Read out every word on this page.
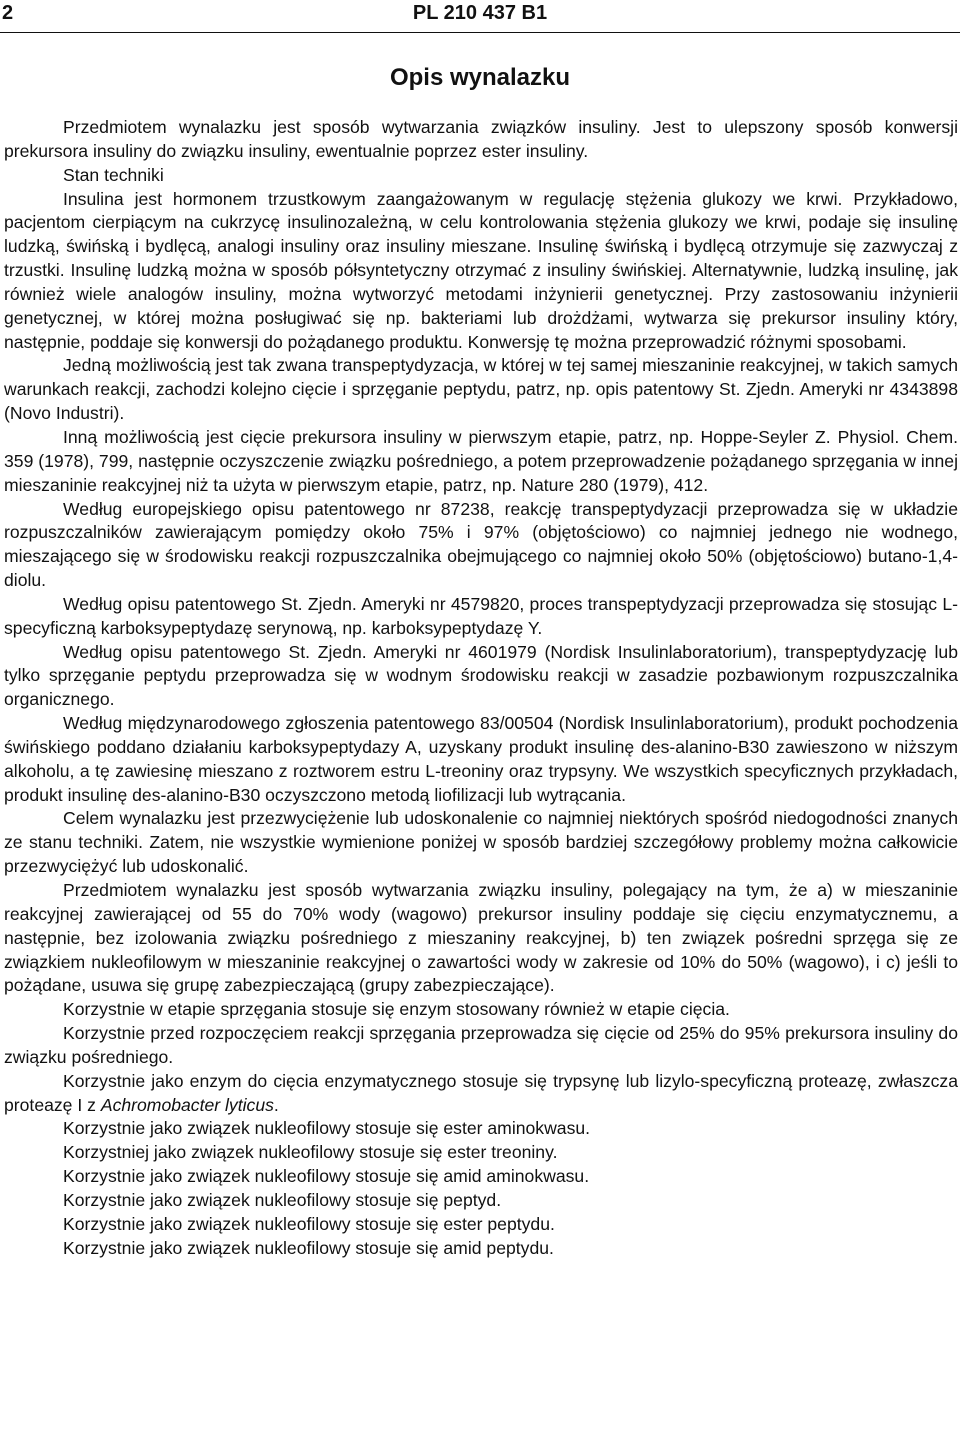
2	PL 210 437 B1
Opis wynalazku

Przedmiotem wynalazku jest sposób wytwarzania związków insuliny. Jest to ulepszony sposób konwersji prekursora insuliny do związku insuliny, ewentualnie poprzez ester insuliny.

Stan techniki

Insulina jest hormonem trzustkowym zaangażowanym w regulację stężenia glukozy we krwi. Przykładowo, pacjentom cierpiącym na cukrzycę insulinozależną, w celu kontrolowania stężenia glukozy we krwi, podaje się insulinę ludzką, świńską i bydlęcą, analogi insuliny oraz insuliny mieszane. Insulinę świńską i bydlęcą otrzymuje się zazwyczaj z trzustki. Insulinę ludzką można w sposób półsyntetyczny otrzymać z insuliny świńskiej. Alternatywnie, ludzką insulinę, jak również wiele analogów insuliny, można wytworzyć metodami inżynierii genetycznej. Przy zastosowaniu inżynierii genetycznej, w której można posługiwać się np. bakteriami lub drożdżami, wytwarza się prekursor insuliny który, następnie, poddaje się konwersji do pożądanego produktu. Konwersję tę można przeprowadzić różnymi sposobami.

Jedną możliwością jest tak zwana transpeptydyzacja, w której w tej samej mieszaninie reakcyjnej, w takich samych warunkach reakcji, zachodzi kolejno cięcie i sprzęganie peptydu, patrz, np. opis patentowy St. Zjedn. Ameryki nr 4343898 (Novo Industri).

Inną możliwością jest cięcie prekursora insuliny w pierwszym etapie, patrz, np. Hoppe-Seyler Z. Physiol. Chem. 359 (1978), 799, następnie oczyszczenie związku pośredniego, a potem przeprowadzenie pożądanego sprzęgania w innej mieszaninie reakcyjnej niż ta użyta w pierwszym etapie, patrz, np. Nature 280 (1979), 412.

Według europejskiego opisu patentowego nr 87238, reakcję transpeptydyzacji przeprowadza się w układzie rozpuszczalników zawierającym pomiędzy około 75% i 97% (objętościowo) co najmniej jednego nie wodnego, mieszającego się w środowisku reakcji rozpuszczalnika obejmującego co najmniej około 50% (objętościowo) butano-1,4-diolu.

Według opisu patentowego St. Zjedn. Ameryki nr 4579820, proces transpeptydyzacji przeprowadza się stosując L-specyficzną karboksypeptydazę serynową, np. karboksypeptydazę Y.

Według opisu patentowego St. Zjedn. Ameryki nr 4601979 (Nordisk Insulinlaboratorium), transpeptydyzację lub tylko sprzęganie peptydu przeprowadza się w wodnym środowisku reakcji w zasadzie pozbawionym rozpuszczalnika organicznego.

Według międzynarodowego zgłoszenia patentowego 83/00504 (Nordisk Insulinlaboratorium), produkt pochodzenia świńskiego poddano działaniu karboksypeptydazy A, uzyskany produkt insulinę des-alanino-B30 zawieszono w niższym alkoholu, a tę zawiesinę mieszano z roztworem estru L-treoniny oraz trypsyny. We wszystkich specyficznych przykładach, produkt insulinę des-alanino-B30 oczyszczono metodą liofilizacji lub wytrącania.

Celem wynalazku jest przezwyciężenie lub udoskonalenie co najmniej niektórych spośród niedogodności znanych ze stanu techniki. Zatem, nie wszystkie wymienione poniżej w sposób bardziej szczegółowy problemy można całkowicie przezwyciężyć lub udoskonalić.

Przedmiotem wynalazku jest sposób wytwarzania związku insuliny, polegający na tym, że a) w mieszaninie reakcyjnej zawierającej od 55 do 70% wody (wagowo) prekursor insuliny poddaje się cięciu enzymatycznemu, a następnie, bez izolowania związku pośredniego z mieszaniny reakcyjnej, b) ten związek pośredni sprzęga się ze związkiem nukleofilowym w mieszaninie reakcyjnej o zawartości wody w zakresie od 10% do 50% (wagowo), i c) jeśli to pożądane, usuwa się grupę zabezpieczającą (grupy zabezpieczające).

Korzystnie w etapie sprzęgania stosuje się enzym stosowany również w etapie cięcia.

Korzystnie przed rozpoczęciem reakcji sprzęgania przeprowadza się cięcie od 25% do 95% prekursora insuliny do związku pośredniego.

Korzystnie jako enzym do cięcia enzymatycznego stosuje się trypsynę lub lizylo-specyficzną proteazę, zwłaszcza proteazę I z Achromobacter lyticus.

Korzystnie jako związek nukleofilowy stosuje się ester aminokwasu.

Korzystniej jako związek nukleofilowy stosuje się ester treoniny.

Korzystnie jako związek nukleofilowy stosuje się amid aminokwasu.

Korzystnie jako związek nukleofilowy stosuje się peptyd.

Korzystnie jako związek nukleofilowy stosuje się ester peptydu.

Korzystnie jako związek nukleofilowy stosuje się amid peptydu.
